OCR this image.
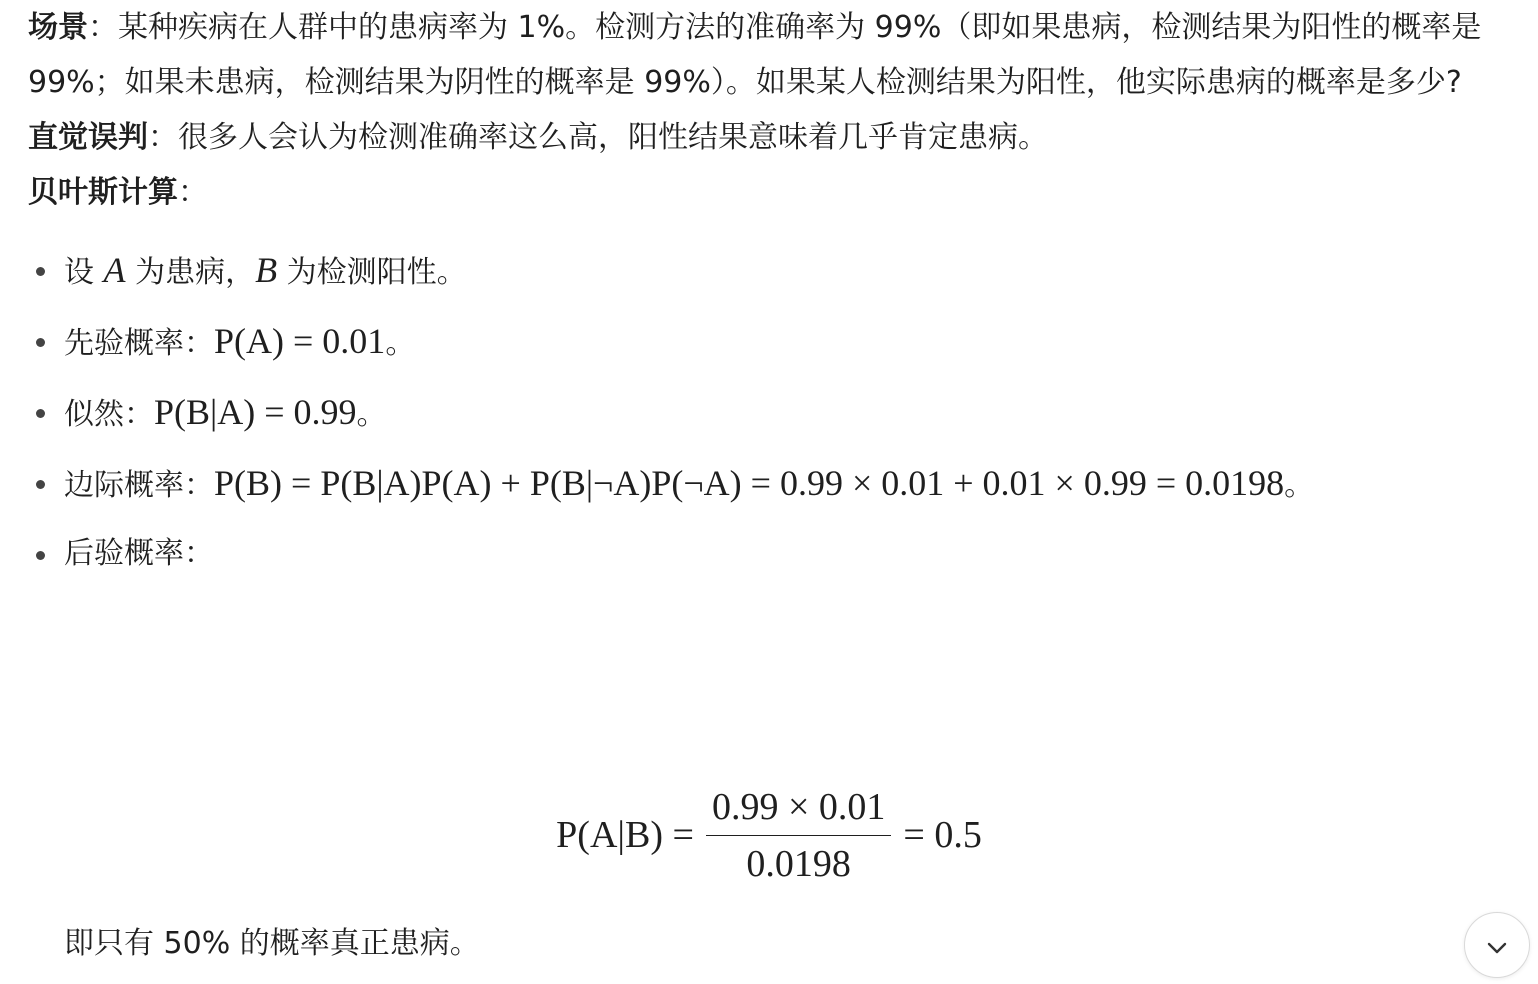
场景：某种疾病在人群中的患病率为 1%。检测方法的准确率为 99%（即如果患病，检测结果为阳性的概率是 99%；如果未患病，检测结果为阴性的概率是 99%）。如果某人检测结果为阳性，他实际患病的概率是多少?

直觉误判：很多人会认为检测准确率这么高，阳性结果意味着几乎肯定患病。

贝叶斯计算：

设 A 为患病，B 为检测阳性。
先验概率：P(A) = 0.01。
似然：P(B|A) = 0.99。
边际概率：P(B) = P(B|A)P(A) + P(B|¬A)P(¬A) = 0.99 × 0.01 + 0.01 × 0.99 = 0.0198。
后验概率：
$P(A|B) = \frac{0.99 \times 0.01}{0.0198} = 0.5$
即只有 50% 的概率真正患病。
